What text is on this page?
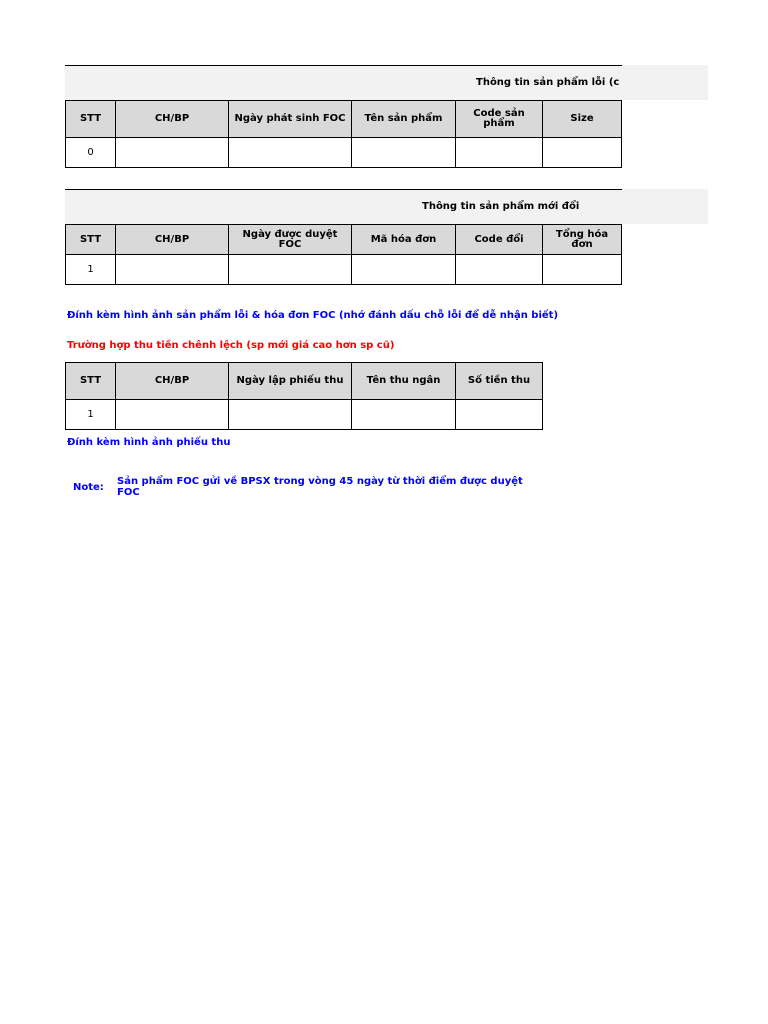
Thông tin sản phẩm lỗi (c
STT	CH/BP	Ngày phát sinh FOC	Tên sản phẩm	Code sản phẩm	Size
0					
Thông tin sản phẩm mới đổi
STT	CH/BP	Ngày được duyệt FOC	Mã hóa đơn	Code đổi	Tổng hóa đơn
1					
Đính kèm hình ảnh sản phẩm lỗi & hóa đơn FOC (nhớ đánh dấu chỗ lỗi để dễ nhận biết)
Trường hợp thu tiền chênh lệch (sp mới giá cao hơn sp cũ)
STT	CH/BP	Ngày lập phiếu thu	Tên thu ngân	Số tiền thu
1				
Đính kèm hình ảnh phiếu thu
Note:
Sản phẩm FOC gửi về BPSX trong vòng 45 ngày từ thời điểm được duyệt FOC
